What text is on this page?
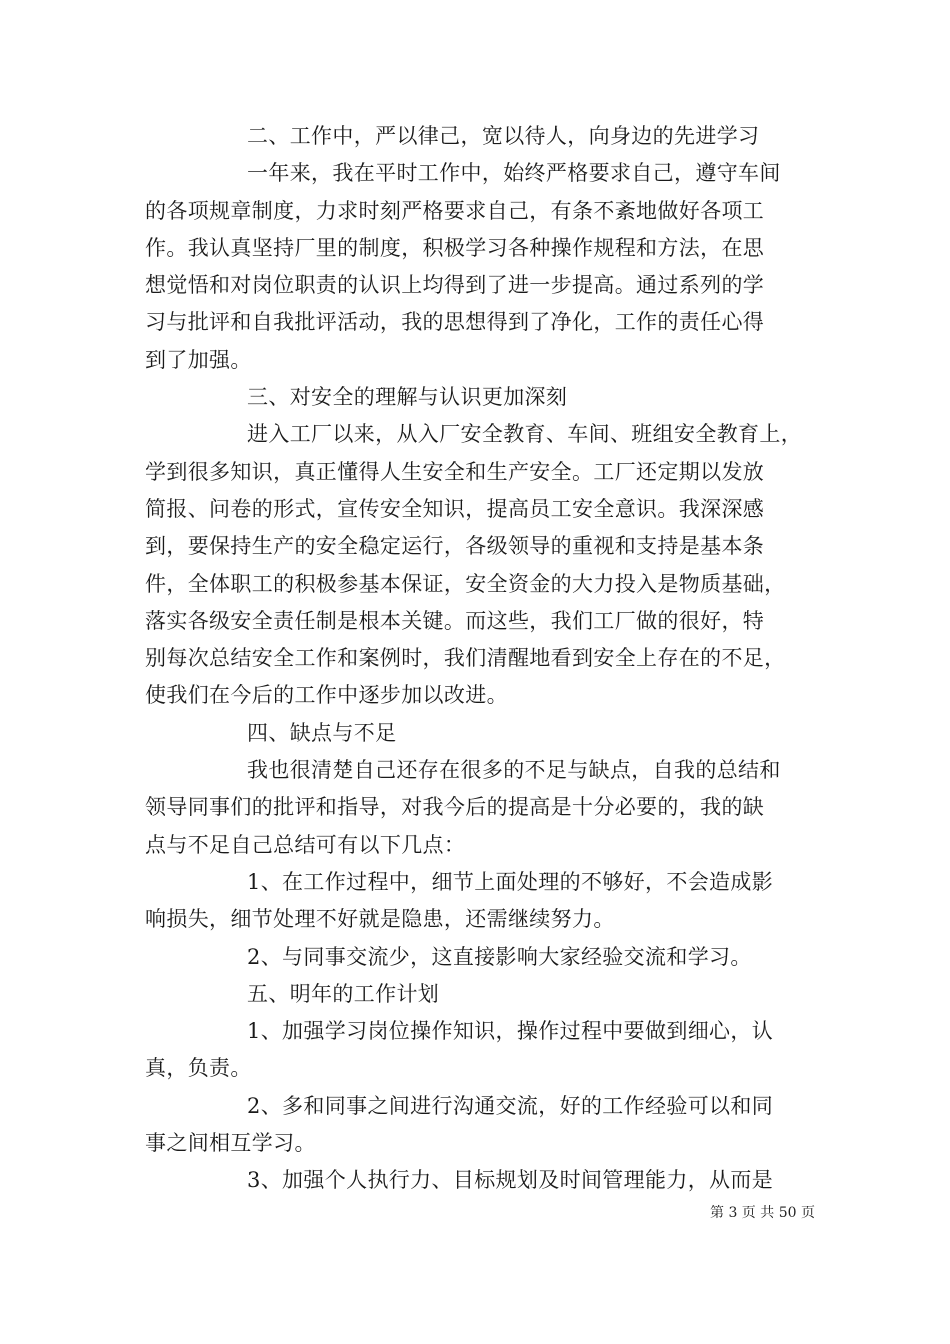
二、工作中，严以律己，宽以待人，向身边的先进学习
一年来，我在平时工作中，始终严格要求自己，遵守车间
的各项规章制度，力求时刻严格要求自己，有条不紊地做好各项工
作。我认真坚持厂里的制度，积极学习各种操作规程和方法，在思
想觉悟和对岗位职责的认识上均得到了进一步提高。通过系列的学
习与批评和自我批评活动，我的思想得到了净化，工作的责任心得
到了加强。
三、对安全的理解与认识更加深刻
进入工厂以来，从入厂安全教育、车间、班组安全教育上，
学到很多知识，真正懂得人生安全和生产安全。工厂还定期以发放
简报、问卷的形式，宣传安全知识，提高员工安全意识。我深深感
到，要保持生产的安全稳定运行，各级领导的重视和支持是基本条
件，全体职工的积极参基本保证，安全资金的大力投入是物质基础，
落实各级安全责任制是根本关键。而这些，我们工厂做的很好，特
别每次总结安全工作和案例时，我们清醒地看到安全上存在的不足，
使我们在今后的工作中逐步加以改进。
四、缺点与不足
我也很清楚自己还存在很多的不足与缺点，自我的总结和
领导同事们的批评和指导，对我今后的提高是十分必要的，我的缺
点与不足自己总结可有以下几点：
1、在工作过程中，细节上面处理的不够好，不会造成影
响损失，细节处理不好就是隐患，还需继续努力。
2、与同事交流少，这直接影响大家经验交流和学习。
五、明年的工作计划
1、加强学习岗位操作知识，操作过程中要做到细心，认
真，负责。
2、多和同事之间进行沟通交流，好的工作经验可以和同
事之间相互学习。
3、加强个人执行力、目标规划及时间管理能力，从而是
第 3 页 共 50 页
